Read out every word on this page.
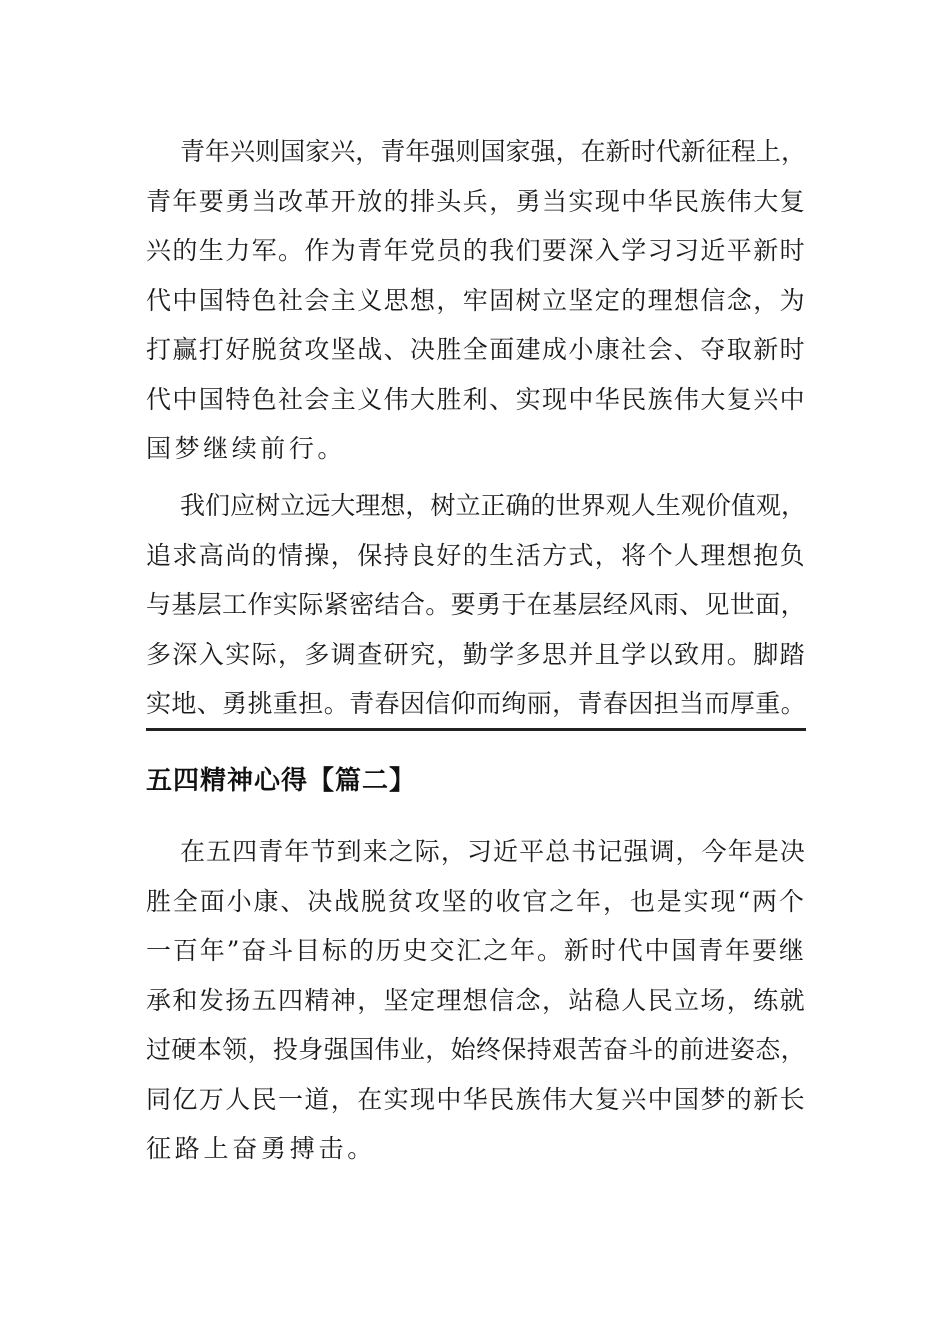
青年兴则国家兴，青年强则国家强，在新时代新征程上，
青年要勇当改革开放的排头兵，勇当实现中华民族伟大复
兴的生力军。作为青年党员的我们要深入学习习近平新时
代中国特色社会主义思想，牢固树立坚定的理想信念，为
打赢打好脱贫攻坚战、决胜全面建成小康社会、夺取新时
代中国特色社会主义伟大胜利、实现中华民族伟大复兴中
国梦继续前行。
我们应树立远大理想，树立正确的世界观人生观价值观，
追求高尚的情操，保持良好的生活方式，将个人理想抱负
与基层工作实际紧密结合。要勇于在基层经风雨、见世面，
多深入实际，多调查研究，勤学多思并且学以致用。脚踏
实地、勇挑重担。青春因信仰而绚丽，青春因担当而厚重。
五四精神心得【篇二】
在五四青年节到来之际，习近平总书记强调，今年是决
胜全面小康、决战脱贫攻坚的收官之年，也是实现“两个
一百年”奋斗目标的历史交汇之年。新时代中国青年要继
承和发扬五四精神，坚定理想信念，站稳人民立场，练就
过硬本领，投身强国伟业，始终保持艰苦奋斗的前进姿态，
同亿万人民一道，在实现中华民族伟大复兴中国梦的新长
征路上奋勇搏击。
